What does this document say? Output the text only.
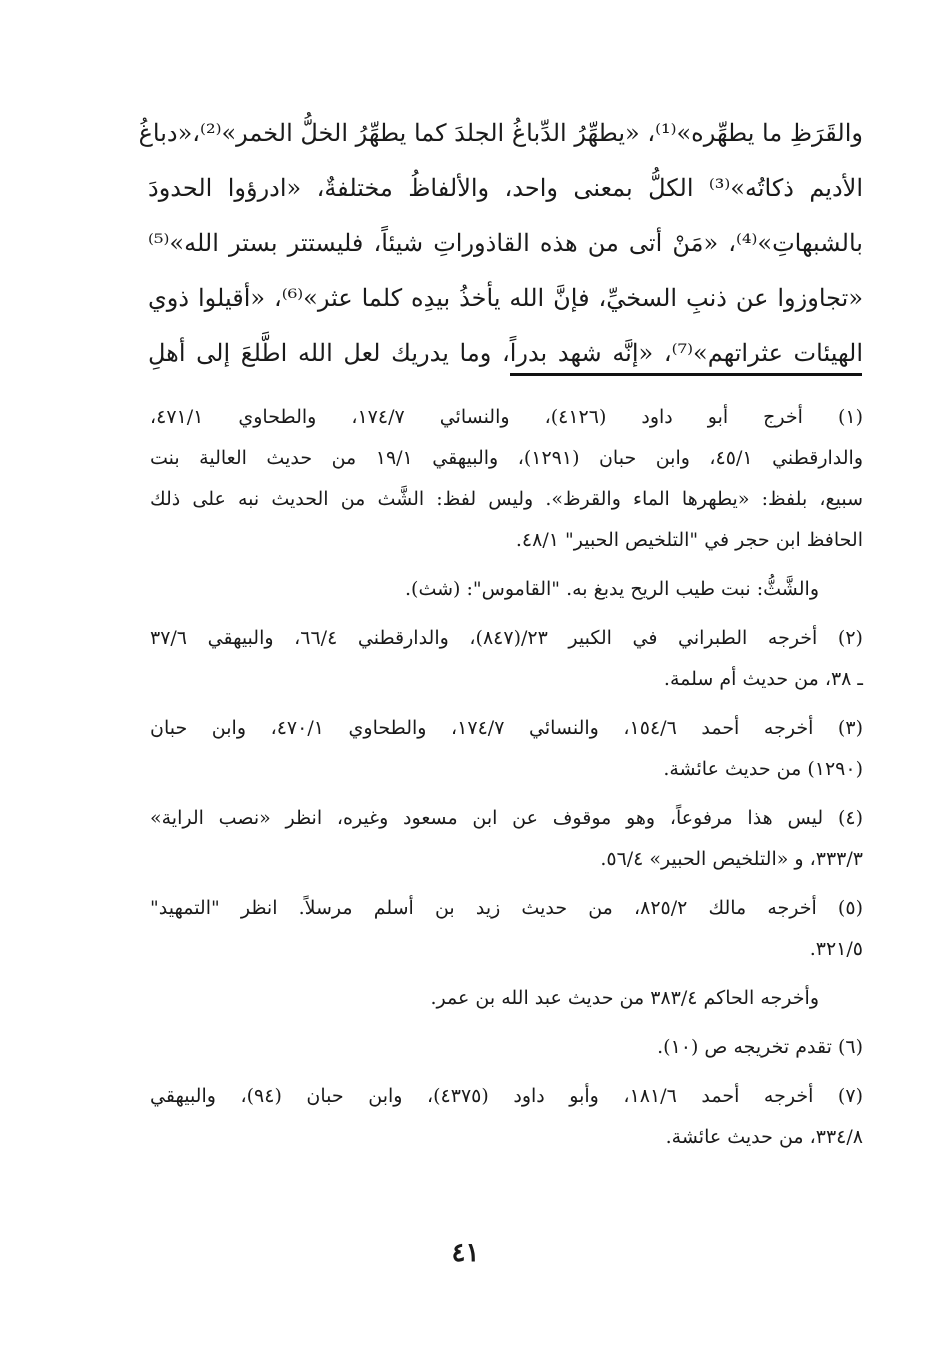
والقَرَظِ ما يطهِّره»⁽¹⁾، «يطهِّرُ الدِّباغُ الجلدَ كما يطهِّرُ الخلُّ الخمر»⁽²⁾،«دباغُ
الأديم ذكاتُه»⁽³⁾ الكلُّ بمعنى واحد، والألفاظُ مختلفةٌ، «ادرؤوا الحدودَ
بالشبهاتِ»⁽⁴⁾، «مَنْ أتى من هذه القاذوراتِ شيئاً، فليستتر بستر الله»⁽⁵⁾
«تجاوزوا عن ذنبِ السخيِّ، فإنَّ الله يأخذُ بيدِه كلما عثر»⁽⁶⁾، «أقيلوا ذوي
الهيئات عثراتهم»⁽⁷⁾، «إنَّه شهد بدراً، وما يدريك لعل الله اطَّلعَ إلى أهلِ
(١) أخرج أبو داود (٤١٢٦)، والنسائي ١٧٤/٧، والطحاوي ٤٧١/١،
والدارقطني ٤٥/١، وابن حبان (١٢٩١)، والبيهقي ١٩/١ من حديث العالية بنت
سبيع، بلفظ: «يطهرها الماء والقرظ». وليس لفظ: الشَّث من الحديث نبه على ذلك
الحافظ ابن حجر في "التلخيص الحبير" ٤٨/١.
والشَّثُّ: نبت طيب الريح يدبغ به. "القاموس": (شث).
(٢) أخرجه الطبراني في الكبير ٢٣/(٨٤٧)، والدارقطني ٦٦/٤، والبيهقي ٣٧/٦
ـ ٣٨، من حديث أم سلمة.
(٣) أخرجه أحمد ١٥٤/٦، والنسائي ١٧٤/٧، والطحاوي ٤٧٠/١، وابن حبان
(١٢٩٠) من حديث عائشة.
(٤) ليس هذا مرفوعاً، وهو موقوف عن ابن مسعود وغيره، انظر «نصب الراية»
٣٣٣/٣، و «التلخيص الحبير» ٥٦/٤.
(٥) أخرجه مالك ٨٢٥/٢، من حديث زيد بن أسلم مرسلاً. انظر "التمهيد"
٣٢١/٥.
وأخرجه الحاكم ٣٨٣/٤ من حديث عبد الله بن عمر.
(٦) تقدم تخريجه ص (١٠).
(٧) أخرجه أحمد ١٨١/٦، وأبو داود (٤٣٧٥)، وابن حبان (٩٤)، والبيهقي
٣٣٤/٨، من حديث عائشة.
٤١
